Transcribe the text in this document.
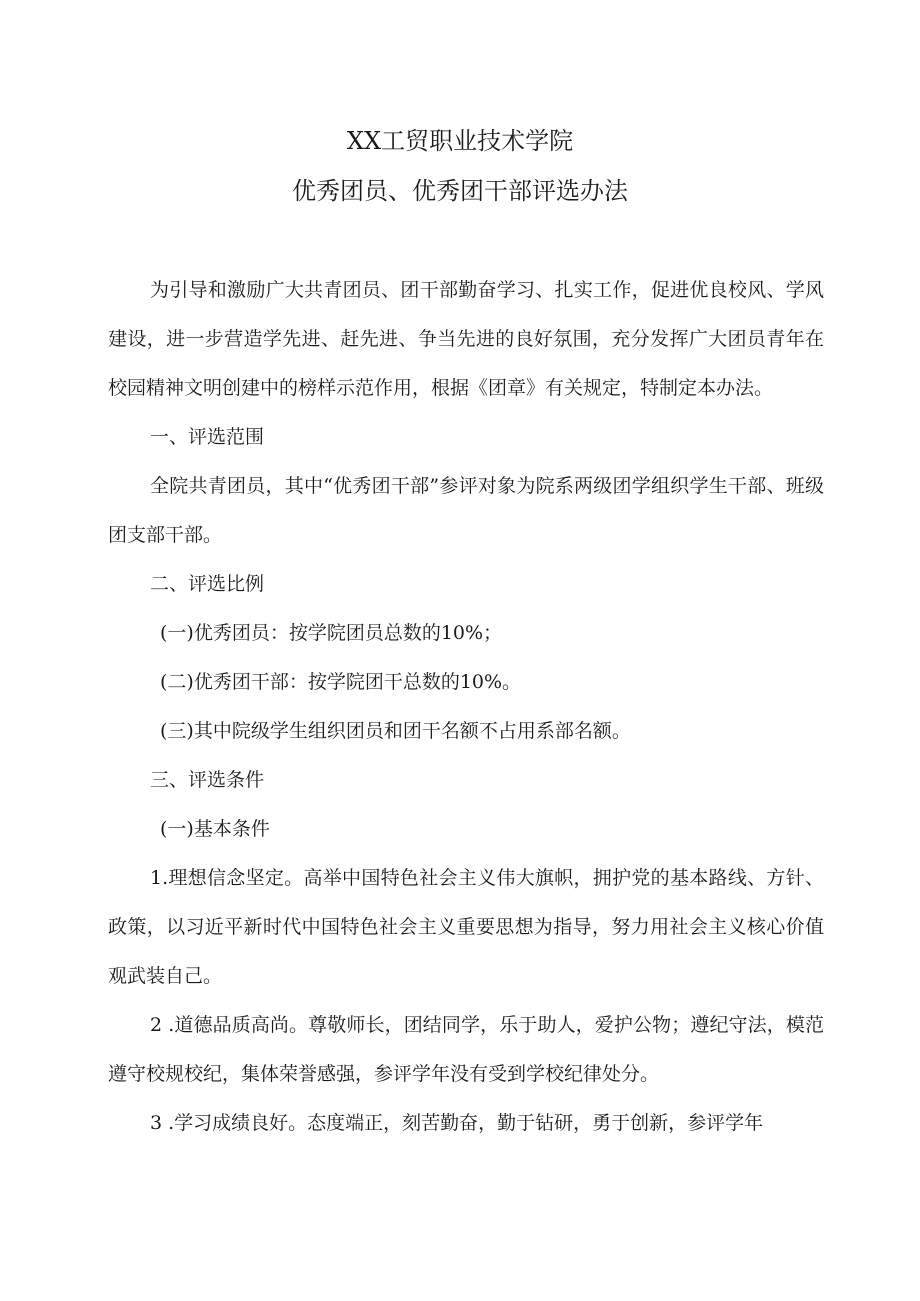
XX工贸职业技术学院
优秀团员、优秀团干部评选办法

为引导和激励广大共青团员、团干部勤奋学习、扎实工作，促进优良校风、学风建设，进一步营造学先进、赶先进、争当先进的良好氛围，充分发挥广大团员青年在校园精神文明创建中的榜样示范作用，根据《团章》有关规定，特制定本办法。

一、评选范围

全院共青团员，其中“优秀团干部”参评对象为院系两级团学组织学生干部、班级团支部干部。

二、评选比例

(一)优秀团员：按学院团员总数的10%；

(二)优秀团干部：按学院团干总数的10%。

(三)其中院级学生组织团员和团干名额不占用系部名额。

三、评选条件

(一)基本条件

1.理想信念坚定。高举中国特色社会主义伟大旗帜，拥护党的基本路线、方针、政策，以习近平新时代中国特色社会主义重要思想为指导，努力用社会主义核心价值观武装自己。

2 .道德品质高尚。尊敬师长，团结同学，乐于助人，爱护公物；遵纪守法，模范遵守校规校纪，集体荣誉感强，参评学年没有受到学校纪律处分。

3 .学习成绩良好。态度端正，刻苦勤奋，勤于钻研，勇于创新，参评学年
